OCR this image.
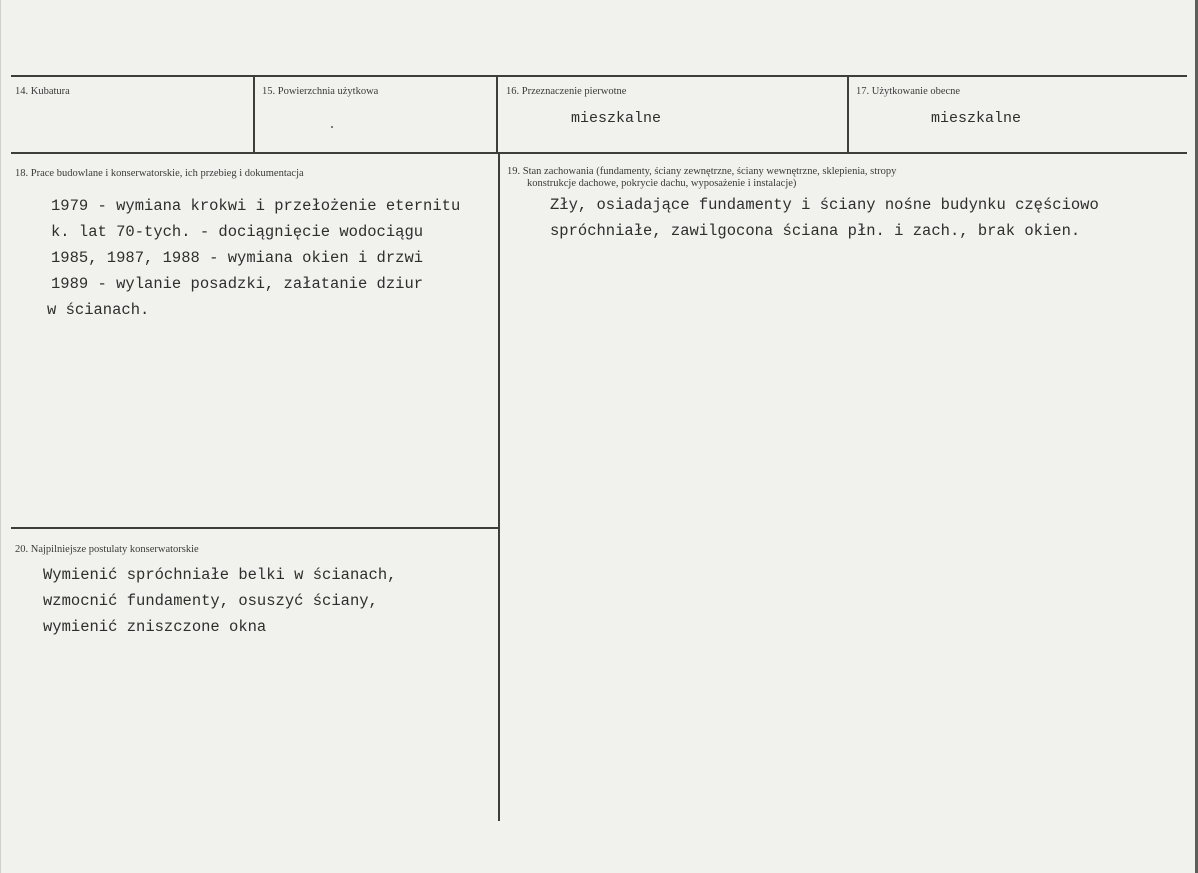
14. Kubatura	15. Powierzchnia użytkowa	16. Przeznaczenie pierwotne
mieszkalne
17. Użytkowanie obecne
mieszkalne
18. Prace budowlane i konserwatorskie, ich przebieg i dokumentacja
1979 - wymiana krokwi i przełożenie eternitu
k. lat 70-tych. - dociągnięcie wodociągu
1985, 1987, 1988 - wymiana okien i drzwi
1989 - wylanie posadzki, załatanie dziur
w ścianach.
19. Stan zachowania (fundamenty, ściany zewnętrzne, ściany wewnętrzne, sklepienia, stropy
konstrukcje dachowe, pokrycie dachu, wyposażenie i instalacje)
Zły, osiadające fundamenty i ściany nośne budynku częściowo
spróchniałe, zawilgocona ściana płn. i zach., brak okien.
20. Najpilniejsze postulaty konserwatorskie
Wymienić spróchniałe belki w ścianach,
wzmocnić fundamenty, osuszyć ściany,
wymienić zniszczone okna
